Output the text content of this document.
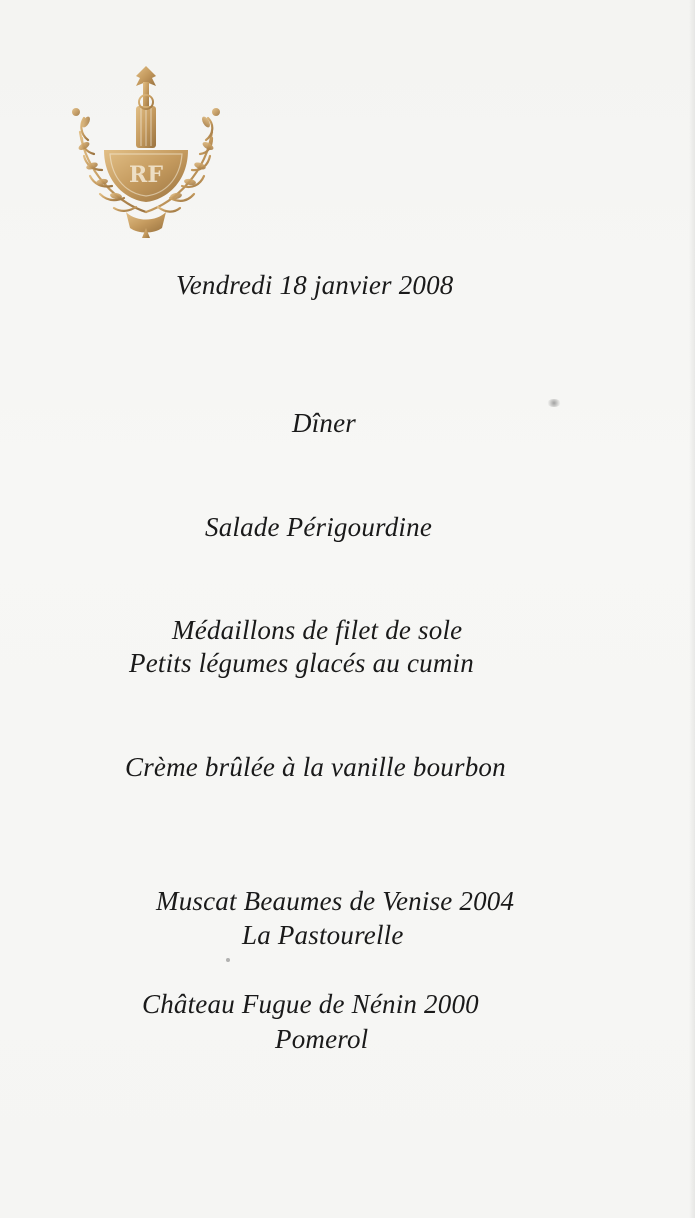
RF
Vendredi 18 janvier 2008
Dîner
Salade Périgourdine
Médaillons de filet de sole
Petits légumes glacés au cumin
Crème brûlée à la vanille bourbon
Muscat Beaumes de Venise 2004
La Pastourelle
Château Fugue de Nénin 2000
Pomerol
